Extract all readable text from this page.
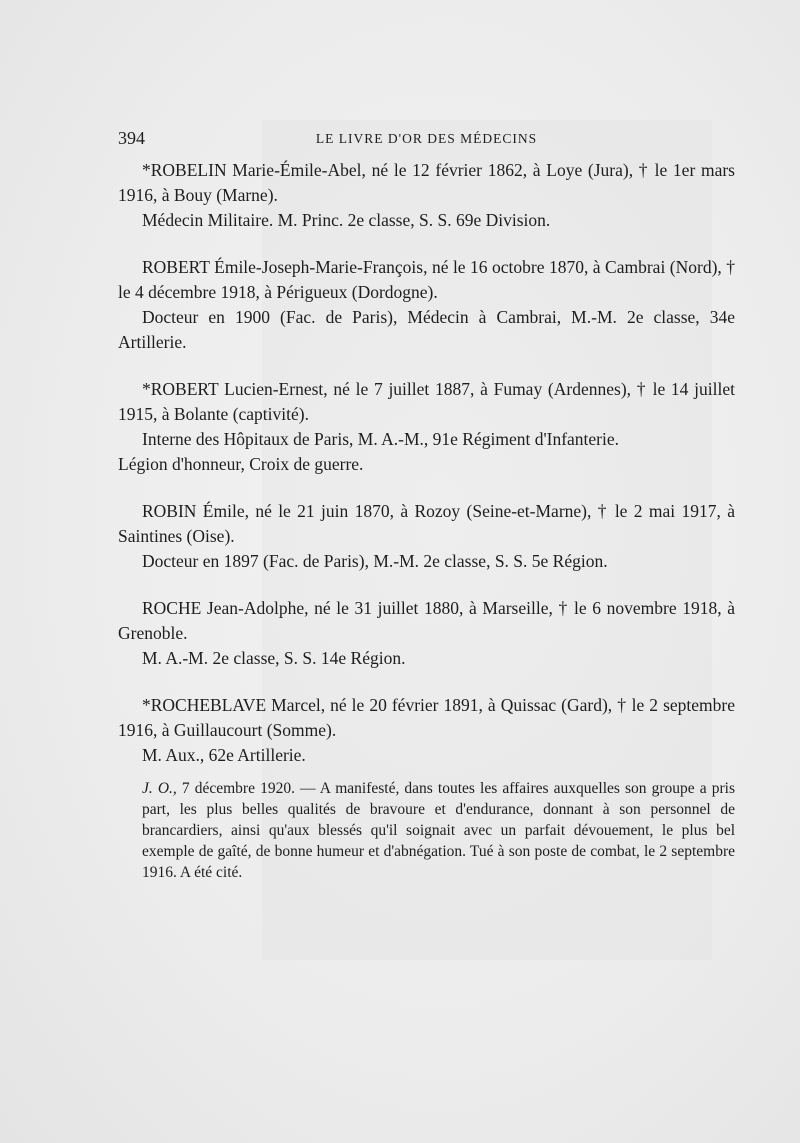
394	LE LIVRE D'OR DES MÉDECINS

*ROBELIN Marie-Émile-Abel, né le 12 février 1862, à Loye (Jura), † le 1er mars 1916, à Bouy (Marne).

Médecin Militaire. M. Princ. 2e classe, S. S. 69e Division.

ROBERT Émile-Joseph-Marie-François, né le 16 octobre 1870, à Cambrai (Nord), † le 4 décembre 1918, à Périgueux (Dordogne).

Docteur en 1900 (Fac. de Paris), Médecin à Cambrai, M.-M. 2e classe, 34e Artillerie.

*ROBERT Lucien-Ernest, né le 7 juillet 1887, à Fumay (Ardennes), † le 14 juillet 1915, à Bolante (captivité).

Interne des Hôpitaux de Paris, M. A.-M., 91e Régiment d'Infanterie.

Légion d'honneur, Croix de guerre.

ROBIN Émile, né le 21 juin 1870, à Rozoy (Seine-et-Marne), † le 2 mai 1917, à Saintines (Oise).

Docteur en 1897 (Fac. de Paris), M.-M. 2e classe, S. S. 5e Région.

ROCHE Jean-Adolphe, né le 31 juillet 1880, à Marseille, † le 6 novembre 1918, à Grenoble.

M. A.-M. 2e classe, S. S. 14e Région.

*ROCHEBLAVE Marcel, né le 20 février 1891, à Quissac (Gard), † le 2 septembre 1916, à Guillaucourt (Somme).

M. Aux., 62e Artillerie.

J. O., 7 décembre 1920. — A manifesté, dans toutes les affaires auxquelles son groupe a pris part, les plus belles qualités de bravoure et d'endurance, donnant à son personnel de brancardiers, ainsi qu'aux blessés qu'il soignait avec un parfait dévouement, le plus bel exemple de gaîté, de bonne humeur et d'abnégation. Tué à son poste de combat, le 2 septembre 1916. A été cité.
